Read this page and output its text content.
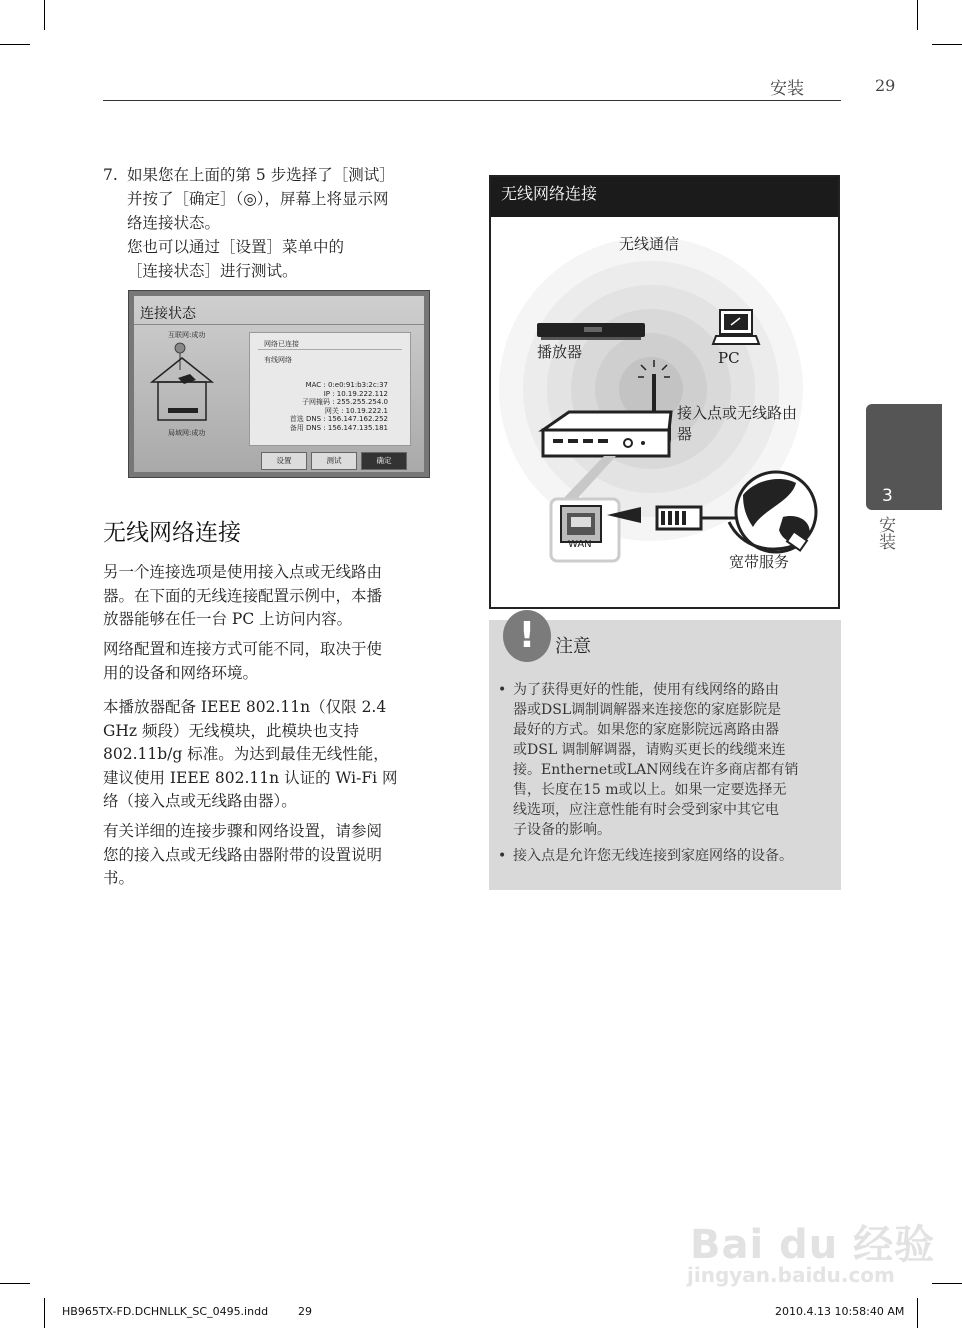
安装	29
7. 如果您在上面的第 5 步选择了［测试］
并按了［确定］（◎），屏幕上将显示网
络连接状态。
您也可以通过［设置］菜单中的
［连接状态］进行测试。
连接状态
互联网:成功
局域网:成功
网络已连接
有线网络
MAC : 0:e0:91:b3:2c:37
IP : 10.19.222.112
子网掩码 : 255.255.254.0
网关 : 10.19.222.1
首选 DNS : 156.147.162.252
备用 DNS : 156.147.135.181
设置	测试	确定
无线网络连接
另一个连接选项是使用接入点或无线路由
器。在下面的无线连接配置示例中，本播
放器能够在任一台 PC 上访问内容。
网络配置和连接方式可能不同，取决于使
用的设备和网络环境。
本播放器配备 IEEE 802.11n（仅限 2.4
GHz 频段）无线模块，此模块也支持
802.11b/g 标准。为达到最佳无线性能，
建议使用 IEEE 802.11n 认证的 Wi-Fi 网
络（接入点或无线路由器）。
有关详细的连接步骤和网络设置，请参阅
您的接入点或无线路由器附带的设置说明
书。
无线网络连接
无线通信
播放器	PC
接入点或无线路由
器
WAN
宽带服务
!	注意
• 为了获得更好的性能，使用有线网络的路由
器或DSL调制调解器来连接您的家庭影院是
最好的方式。如果您的家庭影院远离路由器
或DSL 调制解调器，请购买更长的线缆来连
接。Enthernet或LAN网线在许多商店都有销
售，长度在15 m或以上。如果一定要选择无
线选项，应注意性能有时会受到家中其它电
子设备的影响。
• 接入点是允许您无线连接到家庭网络的设备。
3
安装
Bai du 经验
jingyan.baidu.com
HB965TX-FD.DCHNLLK_SC_0495.indd	29	2010.4.13 10:58:40 AM
